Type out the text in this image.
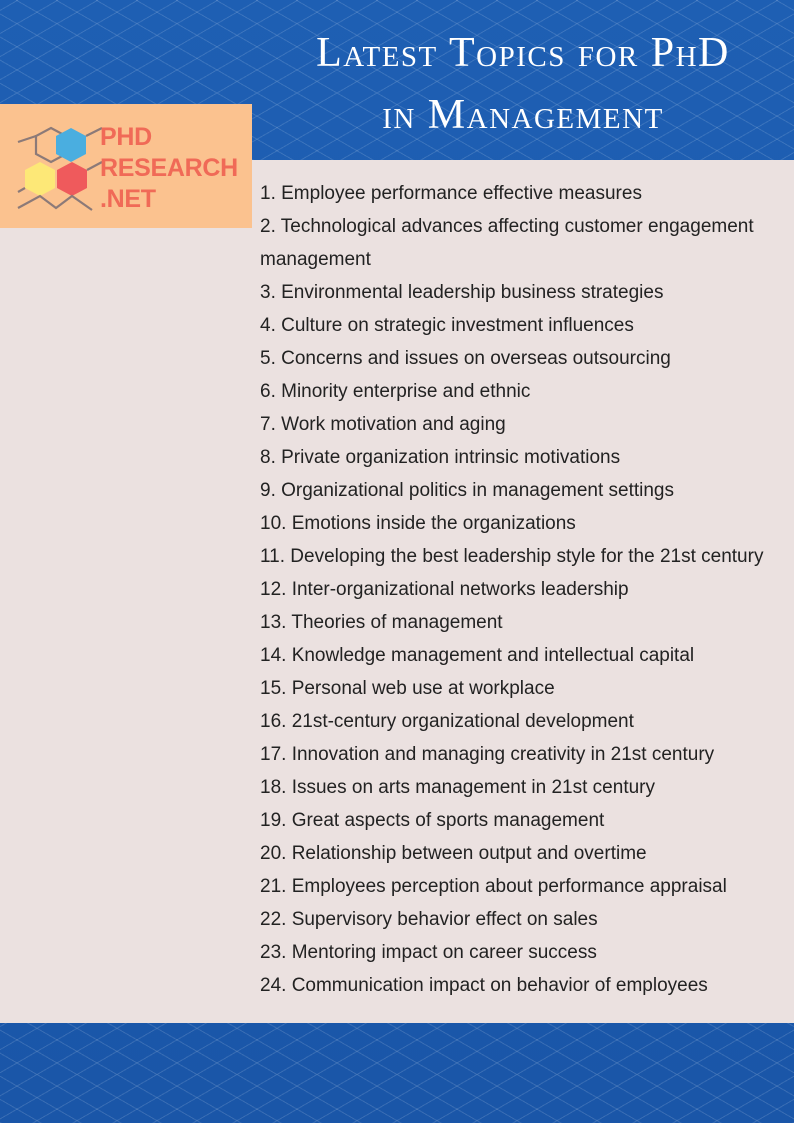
Latest Topics for PhD
in Management
PHD
RESEARCH
.NET	1. Employee performance effective measures
2. Technological advances affecting customer engagement management
3. Environmental leadership business strategies
4. Culture on strategic investment influences
5. Concerns and issues on overseas outsourcing
6. Minority enterprise and ethnic
7. Work motivation and aging
8. Private organization intrinsic motivations
9. Organizational politics in management settings
10. Emotions inside the organizations
11. Developing the best leadership style for the 21st century
12. Inter-organizational networks leadership
13. Theories of management
14. Knowledge management and intellectual capital
15. Personal web use at workplace
16. 21st-century organizational development
17. Innovation and managing creativity in 21st century
18. Issues on arts management in 21st century
19. Great aspects of sports management
20. Relationship between output and overtime
21. Employees perception about performance appraisal
22. Supervisory behavior effect on sales
23. Mentoring impact on career success
24. Communication impact on behavior of employees
